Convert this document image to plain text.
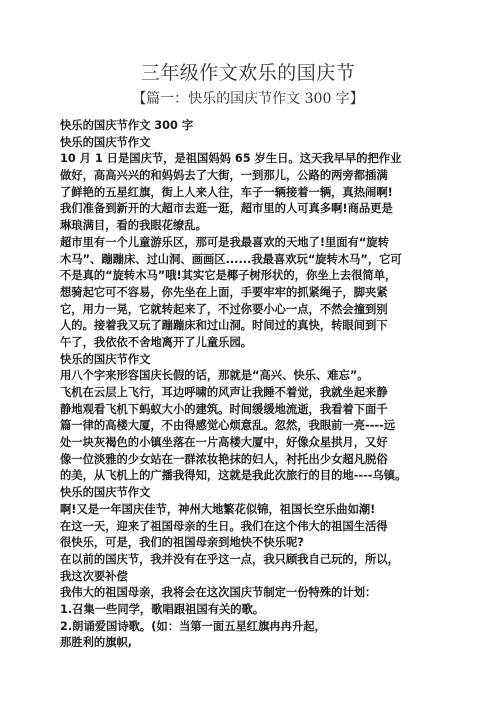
三年级作文欢乐的国庆节
【篇一：快乐的国庆节作文 300 字】
快乐的国庆节作文 300 字
快乐的国庆节作文
10 月 1 日是国庆节，是祖国妈妈 65 岁生日。这天我早早的把作业
做好，高高兴兴的和妈妈去了大街，一到那儿，公路的两旁都插满
了鲜艳的五星红旗，街上人来人往，车子一辆接着一辆，真热闹啊!
我们准备到新开的大超市去逛一逛，超市里的人可真多啊!商品更是
琳琅满目，看的我眼花缭乱。
超市里有一个儿童游乐区，那可是我最喜欢的天地了!里面有“旋转
木马”、蹦蹦床、过山洞、画画区......我最喜欢玩“旋转木马”，它可
不是真的“旋转木马”哦!其实它是椰子树形状的，你坐上去很简单，
想骑起它可不容易，你先坐在上面，手要牢牢的抓紧绳子，脚夹紧
它，用力一晃，它就转起来了，不过你要小心一点，不然会撞到别
人的。接着我又玩了蹦蹦床和过山洞。时间过的真快，转眼间到下
午了，我依依不舍地离开了儿童乐园。
快乐的国庆节作文
用八个字来形容国庆长假的话，那就是“高兴、快乐、难忘”。
飞机在云层上飞行，耳边呼啸的风声让我睡不着觉，我就坐起来静
静地观看飞机下蚂蚁大小的建筑。时间缓缓地流逝，我看着下面千
篇一律的高楼大厦，不由得感觉心烦意乱。忽然，我眼前一亮----远
处一块灰褐色的小镇坐落在一片高楼大厦中，好像众星拱月，又好
像一位淡雅的少女站在一群浓妆艳抹的妇人，衬托出少女超凡脱俗
的美，从飞机上的广播我得知，这就是我此次旅行的目的地----乌镇。
快乐的国庆节作文
啊!又是一年国庆佳节，神州大地繁花似锦，祖国长空乐曲如潮!
在这一天，迎来了祖国母亲的生日。我们在这个伟大的祖国生活得
很快乐，可是，我们的祖国母亲到地快不快乐呢?
在以前的国庆节，我并没有在乎这一点，我只顾我自己玩的，所以，
我这次要补偿
我伟大的祖国母亲，我将会在这次国庆节制定一份特殊的计划：
1.召集一些同学，歌唱跟祖国有关的歌。
2.朗诵爱国诗歌。(如：当第一面五星红旗冉冉升起，
那胜利的旗帜,
